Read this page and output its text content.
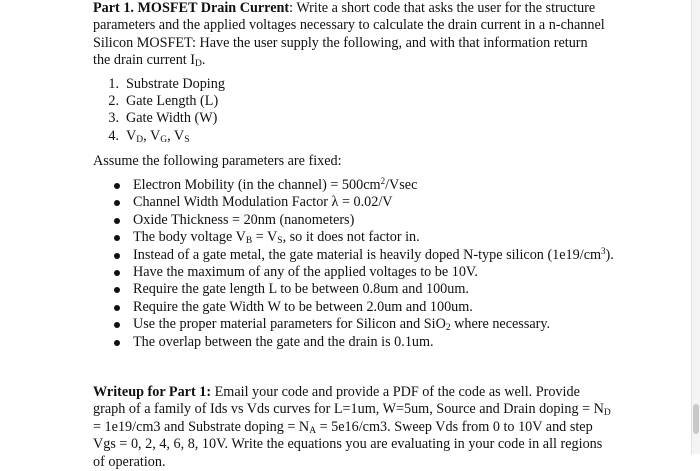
Part 1. MOSFET Drain Current: Write a short code that asks the user for the structure parameters and the applied voltages necessary to calculate the drain current in a n-channel Silicon MOSFET: Have the user supply the following, and with that information return the drain current $I_D$.

1. Substrate Doping
2. Gate Length (L)
3. Gate Width (W)
4. $V_D$, $V_G$, $V_S$

Assume the following parameters are fixed:

Electron Mobility (in the channel) = $500cm^2$/Vsec
Channel Width Modulation Factor λ = 0.02/V
Oxide Thickness = 20nm (nanometers)
The body voltage $V_B = V_S$, so it does not factor in.
Instead of a gate metal, the gate material is heavily doped N-type silicon $(1e19/cm^3)$.
Have the maximum of any of the applied voltages to be 10V.
Require the gate length L to be between 0.8um and 100um.
Require the gate Width W to be between 2.0um and 100um.
Use the proper material parameters for Silicon and SiO$_2$ where necessary.
The overlap between the gate and the drain is 0.1um.

Writeup for Part 1: Email your code and provide a PDF of the code as well. Provide graph of a family of Ids vs Vds curves for L=1um, W=5um, Source and Drain doping = $N_D = 1e19/cm3$ and Substrate doping = $N_A = 5e16/cm3$. Sweep Vds from 0 to 10V and step Vgs = 0, 2, 4, 6, 8, 10V. Write the equations you are evaluating in your code in all regions of operation.
